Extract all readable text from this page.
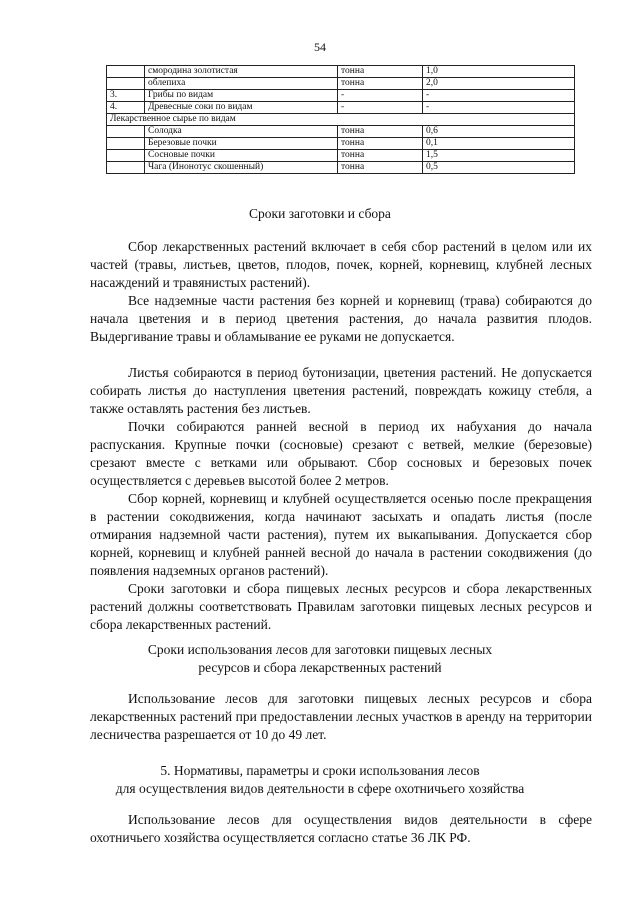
54
	смородина золотистая	тонна	1,0
	облепиха	тонна	2,0
3.	Грибы по видам	-	-
4.	Древесные соки по видам	-	-
Лекарственное сырье по видам			
	Солодка	тонна	0,6
	Березовые почки	тонна	0,1
	Сосновые почки	тонна	1,5
	Чага (Инонотус скошенный)	тонна	0,5
Сроки заготовки и сбора

Сбор лекарственных растений включает в себя сбор растений в целом или их частей (травы, листьев, цветов, плодов, почек, корней, корневищ, клубней лесных насаждений и травянистых растений).

Все надземные части растения без корней и корневищ (трава) собираются до начала цветения и в период цветения растения, до начала развития плодов. Выдергивание травы и обламывание ее руками не допускается.

Листья собираются в период бутонизации, цветения растений. Не допускается собирать листья до наступления цветения растений, повреждать кожицу стебля, а также оставлять растения без листьев.

Почки собираются ранней весной в период их набухания до начала распускания. Крупные почки (сосновые) срезают с ветвей, мелкие (березовые) срезают вместе с ветками или обрывают. Сбор сосновых и березовых почек осуществляется с деревьев высотой более 2 метров.

Сбор корней, корневищ и клубней осуществляется осенью после прекращения в растении сокодвижения, когда начинают засыхать и опадать листья (после отмирания надземной части растения), путем их выкапывания. Допускается сбор корней, корневищ и клубней ранней весной до начала в растении сокодвижения (до появления надземных органов растений).

Сроки заготовки и сбора пищевых лесных ресурсов и сбора лекарственных растений должны соответствовать Правилам заготовки пищевых лесных ресурсов и сбора лекарственных растений.

Сроки использования лесов для заготовки пищевых лесных
ресурсов и сбора лекарственных растений

Использование лесов для заготовки пищевых лесных ресурсов и сбора лекарственных растений при предоставлении лесных участков в аренду на территории лесничества разрешается от 10 до 49 лет.

5. Нормативы, параметры и сроки использования лесов
для осуществления видов деятельности в сфере охотничьего хозяйства

Использование лесов для осуществления видов деятельности в сфере охотничьего хозяйства осуществляется согласно статье 36 ЛК РФ.
